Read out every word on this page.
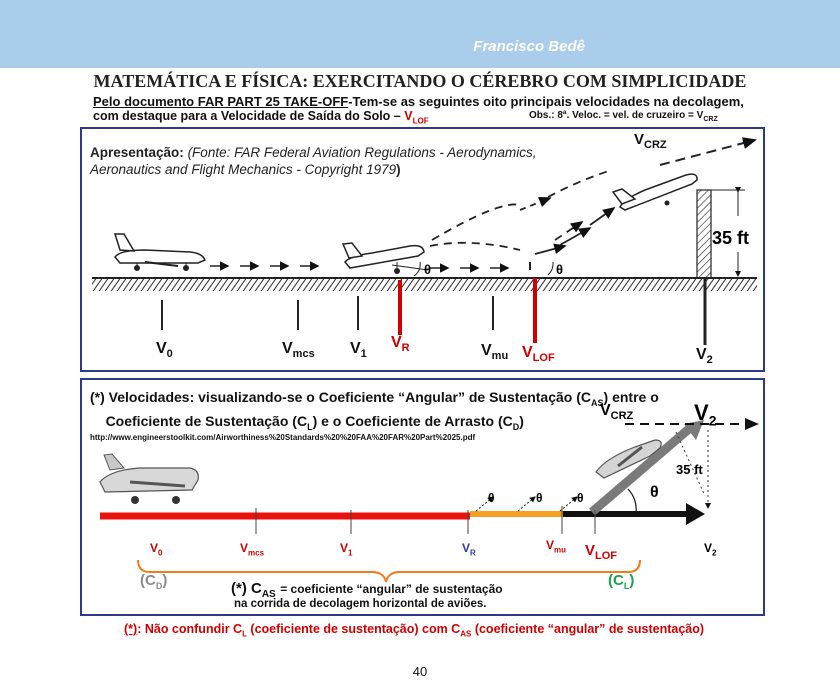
Francisco Bedê
MATEMÁTICA E FÍSICA: EXERCITANDO O CÉREBRO COM SIMPLICIDADE
Pelo documento FAR PART 25 TAKE-OFF-Tem-se as seguintes oito principais velocidades na decolagem,
com destaque para a Velocidade de Saída do Solo – $V_{LOF}$	Obs.: 8ª. Veloc. = vel. de cruzeiro = $V_{CRZ}$
Apresentação: (Fonte: FAR Federal Aviation Regulations - Aerodynamics,
Aeronautics and Flight Mechanics - Copyright 1979)
$V_{CRZ}$
35 ft
θ	θ
$V_0$	$V_{mcs}$ $V_1$
$V_R$	$V_{mu}$ $V_{LOF}$	$V_2$
(*) Velocidades: visualizando-se o Coeficiente “Angular” de Sustentação $(C_{AS})$ entre o
Coeficiente de Sustentação $(C_L)$ e o Coeficiente de Arrasto $(C_D)$
http://www.engineerstoolkit.com/Airworthiness%20Standards%20%20FAA%20FAR%20Part%2025.pdf
$V_{CRZ}$	$V_2$
35 ft
θ
θ	θ	θ
$V_0$	$V_{mcs}$	$V_1$	$V_R$
$V_{mu}$ $V_{LOF}$
$V_2$
$(C_D)$	$(C_L)$
(*) $C_{AS}$ = coeficiente “angular” de sustentação
na corrida de decolagem horizontal de aviões.
(*): Não confundir $C_L$ (coeficiente de sustentação) com $C_{AS}$ (coeficiente “angular” de sustentação)
40
